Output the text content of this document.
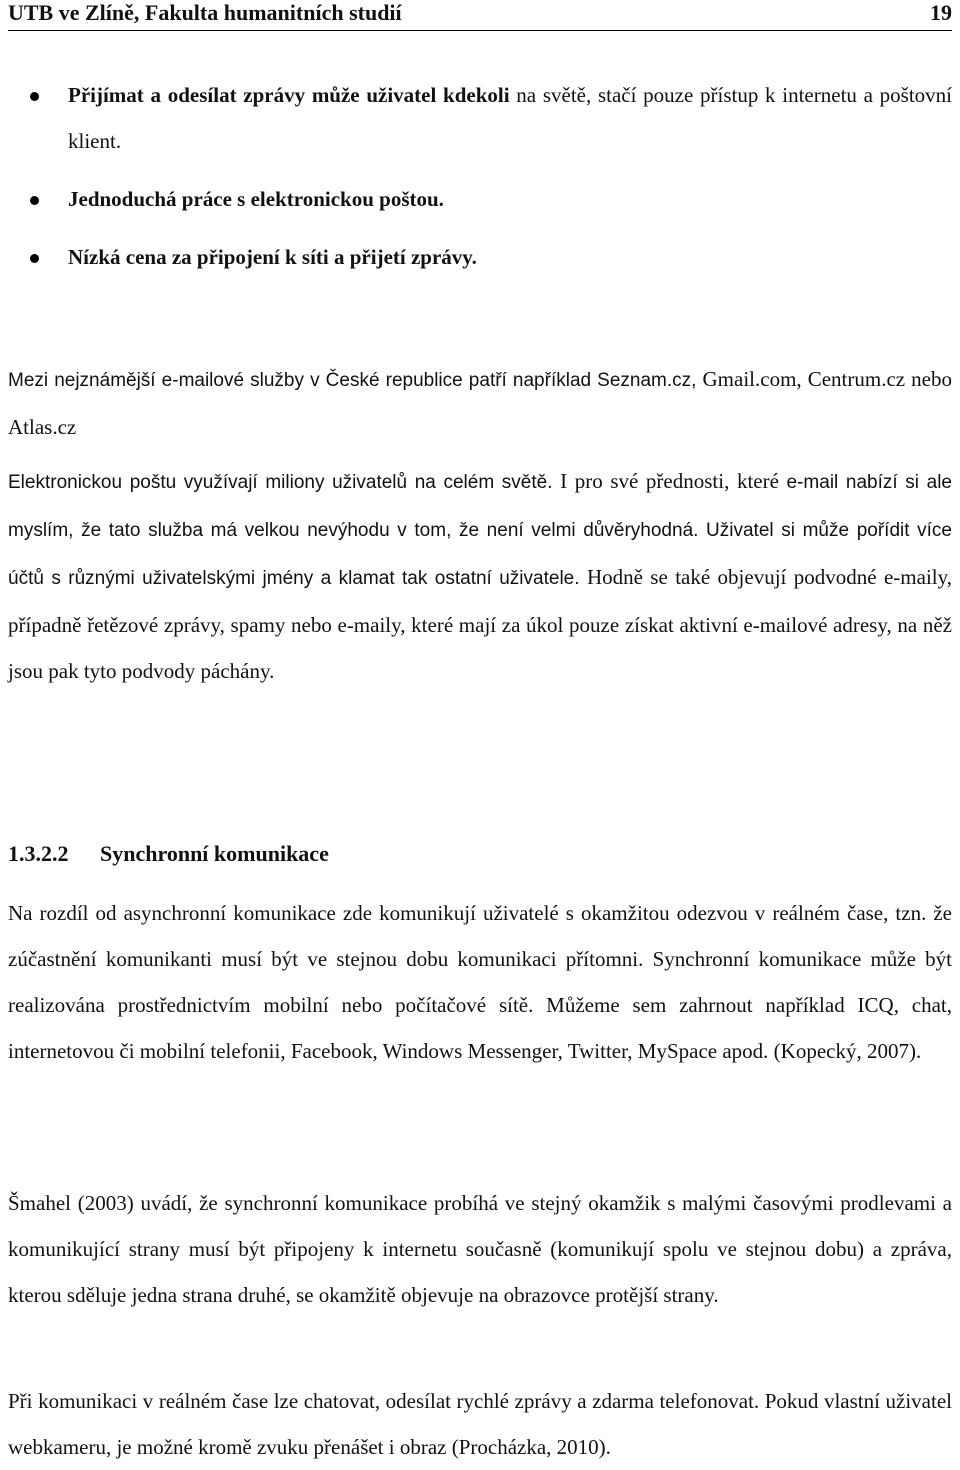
UTB ve Zlíně, Fakulta humanitních studií	19
Přijímat a odesílat zprávy může uživatel kdekoli na světě, stačí pouze přístup k internetu a poštovní klient.
Jednoduchá práce s elektronickou poštou.
Nízká cena za připojení k síti a přijetí zprávy.

Mezi nejznámější e-mailové služby v České republice patří například Seznam.cz, Gmail.com, Centrum.cz nebo Atlas.cz

Elektronickou poštu využívají miliony uživatelů na celém světě. I pro své přednosti, které e-mail nabízí si ale myslím, že tato služba má velkou nevýhodu v tom, že není velmi důvěryhodná. Uživatel si může pořídit více účtů s různými uživatelskými jmény a klamat tak ostatní uživatele. Hodně se také objevují podvodné e-maily, případně řetězové zprávy, spamy nebo e-maily, které mají za úkol pouze získat aktivní e-mailové adresy, na něž jsou pak tyto podvody páchány.

1.3.2.2 Synchronní komunikace

Na rozdíl od asynchronní komunikace zde komunikují uživatelé s okamžitou odezvou v reálném čase, tzn. že zúčastnění komunikanti musí být ve stejnou dobu komunikaci přítomni. Synchronní komunikace může být realizována prostřednictvím mobilní nebo počítačové sítě. Můžeme sem zahrnout například ICQ, chat, internetovou či mobilní telefonii, Facebook, Windows Messenger, Twitter, MySpace apod. (Kopecký, 2007).

Šmahel (2003) uvádí, že synchronní komunikace probíhá ve stejný okamžik s malými časovými prodlevami a komunikující strany musí být připojeny k internetu současně (komunikují spolu ve stejnou dobu) a zpráva, kterou sděluje jedna strana druhé, se okamžitě objevuje na obrazovce protější strany.

Při komunikaci v reálném čase lze chatovat, odesílat rychlé zprávy a zdarma telefonovat. Pokud vlastní uživatel webkameru, je možné kromě zvuku přenášet i obraz (Procházka, 2010).
